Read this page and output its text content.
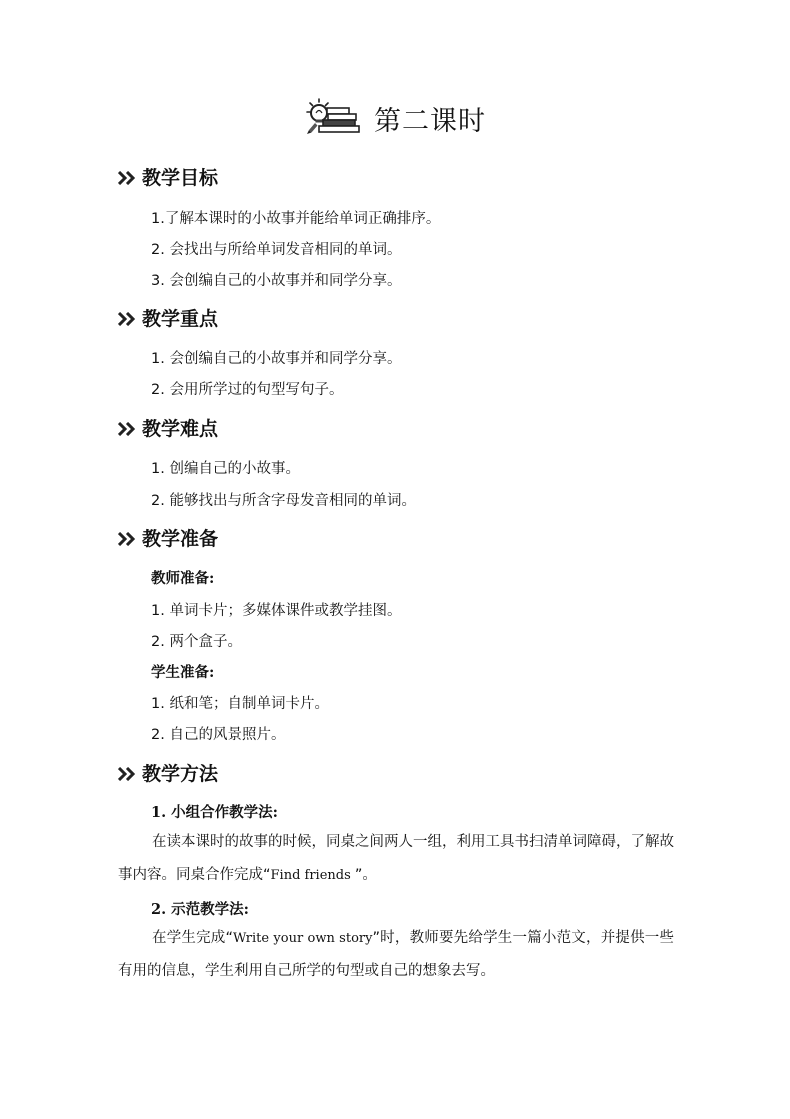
第二课时
教学目标
1.了解本课时的小故事并能给单词正确排序。
2. 会找出与所给单词发音相同的单词。
3. 会创编自己的小故事并和同学分享。
教学重点
1. 会创编自己的小故事并和同学分享。
2. 会用所学过的句型写句子。
教学难点
1. 创编自己的小故事。
2. 能够找出与所含字母发音相同的单词。
教学准备
教师准备:
1. 单词卡片；多媒体课件或教学挂图。
2. 两个盒子。
学生准备:
1. 纸和笔；自制单词卡片。
2. 自己的风景照片。
教学方法
1. 小组合作教学法:
在读本课时的故事的时候，同桌之间两人一组，利用工具书扫清单词障碍，了解故事内容。同桌合作完成“Find friends ”。
2. 示范教学法:
在学生完成“Write your own story”时，教师要先给学生一篇小范文，并提供一些有用的信息，学生利用自己所学的句型或自己的想象去写。
